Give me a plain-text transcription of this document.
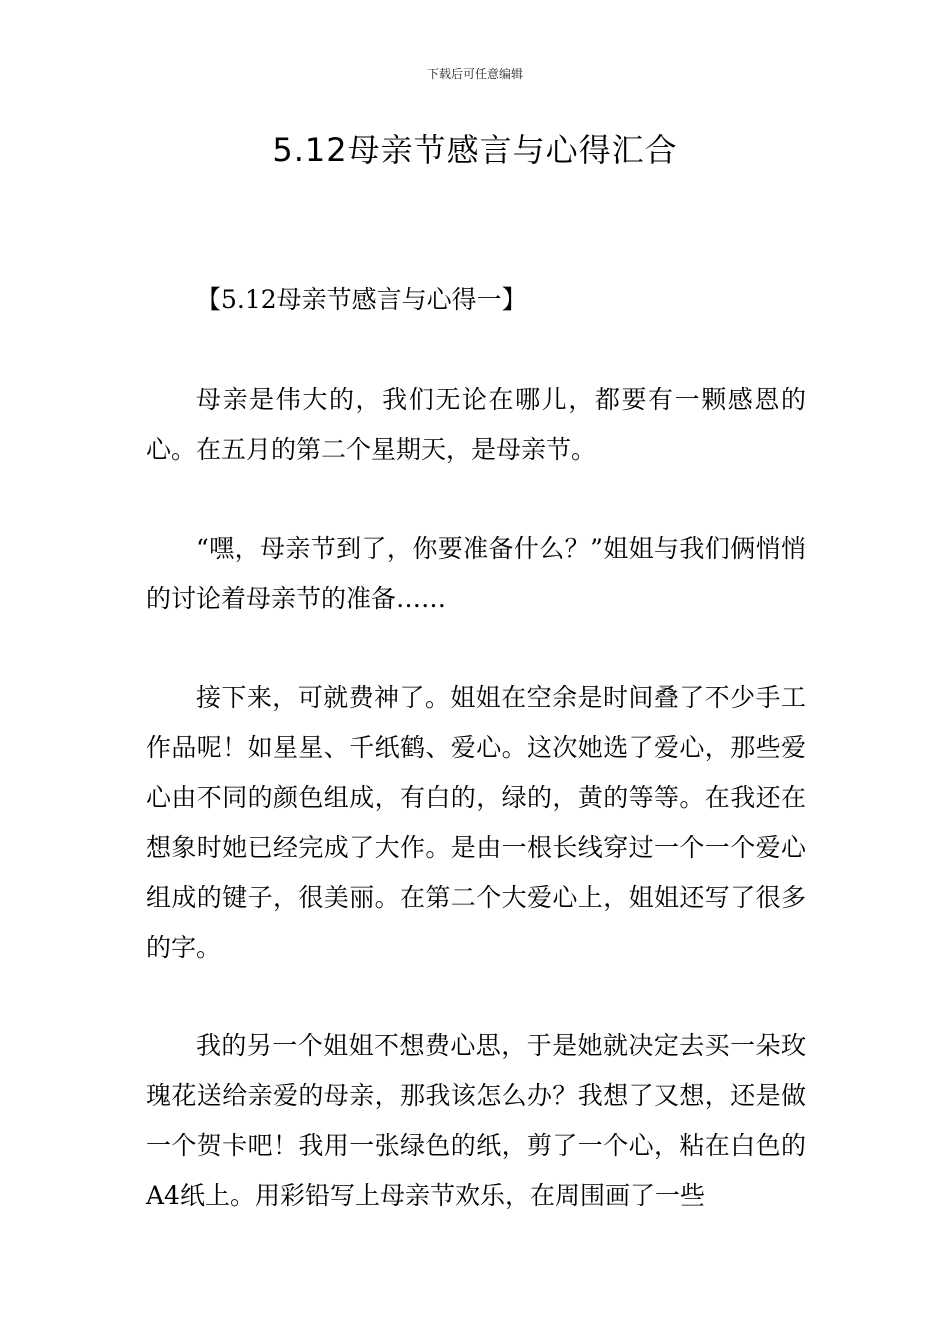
下载后可任意编辑
5.12母亲节感言与心得汇合

【5.12母亲节感言与心得一】

母亲是伟大的，我们无论在哪儿，都要有一颗感恩的心。在五月的第二个星期天，是母亲节。

“嘿，母亲节到了，你要准备什么？”姐姐与我们俩悄悄的讨论着母亲节的准备……

接下来，可就费神了。姐姐在空余是时间叠了不少手工作品呢！如星星、千纸鹤、爱心。这次她选了爱心，那些爱心由不同的颜色组成，有白的，绿的，黄的等等。在我还在想象时她已经完成了大作。是由一根长线穿过一个一个爱心组成的键子，很美丽。在第二个大爱心上，姐姐还写了很多的字。

我的另一个姐姐不想费心思，于是她就决定去买一朵玫瑰花送给亲爱的母亲，那我该怎么办？我想了又想，还是做一个贺卡吧！我用一张绿色的纸，剪了一个心，粘在白色的A4纸上。用彩铅写上母亲节欢乐，在周围画了一些
